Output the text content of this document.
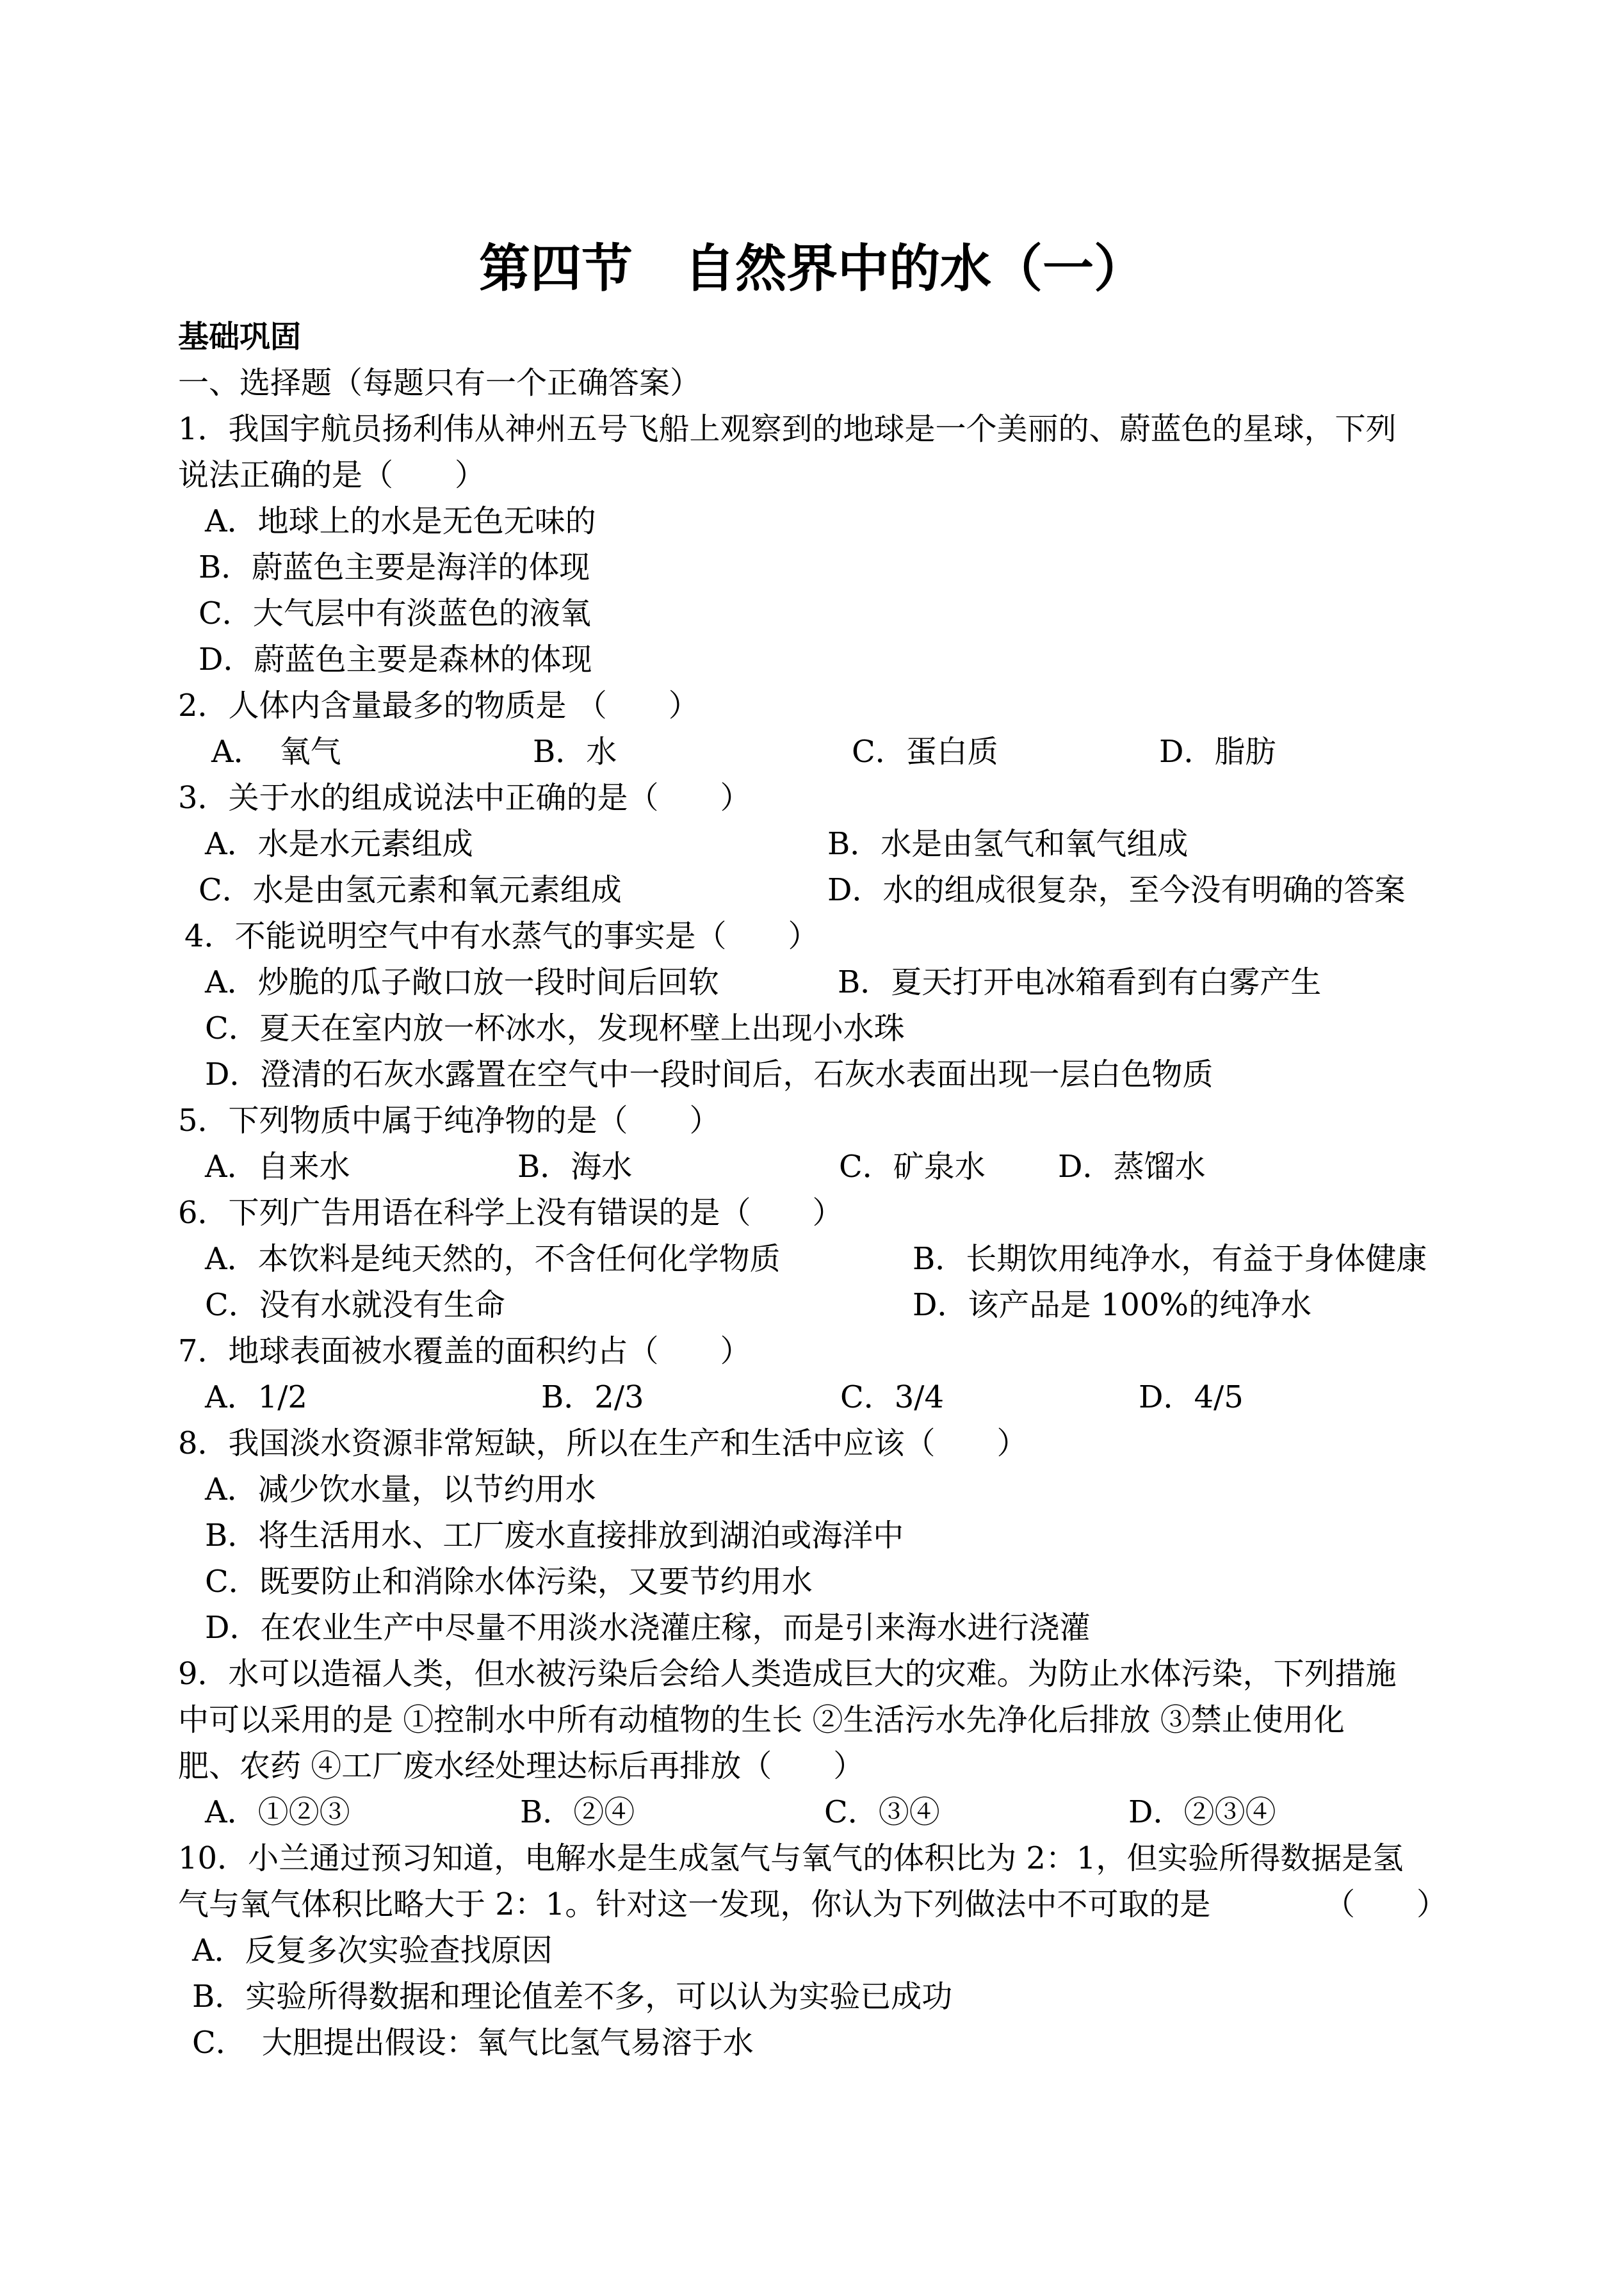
第四节　自然界中的水（一）
基础巩固
一、选择题（每题只有一个正确答案）
1．我国宇航员扬利伟从神州五号飞船上观察到的地球是一个美丽的、蔚蓝色的星球，下列
说法正确的是（　　）
A．地球上的水是无色无味的
B．蔚蓝色主要是海洋的体现
C．大气层中有淡蓝色的液氧
D．蔚蓝色主要是森林的体现
2．人体内含量最多的物质是 （　　）
A．　氧气	B．水	C．蛋白质	D．脂肪
3．关于水的组成说法中正确的是（　　）
A．水是水元素组成	B．水是由氢气和氧气组成
C．水是由氢元素和氧元素组成	D．水的组成很复杂，至今没有明确的答案
4．不能说明空气中有水蒸气的事实是（　　）
A．炒脆的瓜子敞口放一段时间后回软	B．夏天打开电冰箱看到有白雾产生
C．夏天在室内放一杯冰水，发现杯壁上出现小水珠
D．澄清的石灰水露置在空气中一段时间后，石灰水表面出现一层白色物质
5．下列物质中属于纯净物的是（　　）
A．自来水	B．海水	C．矿泉水 D．蒸馏水
6．下列广告用语在科学上没有错误的是（　　）
A．本饮料是纯天然的，不含任何化学物质	B．长期饮用纯净水，有益于身体健康
C．没有水就没有生命	D．该产品是 100%的纯净水
7．地球表面被水覆盖的面积约占（　　）
A．1/2	B．2/3	C．3/4	D．4/5
8．我国淡水资源非常短缺，所以在生产和生活中应该（　　）
A．减少饮水量，以节约用水
B．将生活用水、工厂废水直接排放到湖泊或海洋中
C．既要防止和消除水体污染，又要节约用水
D．在农业生产中尽量不用淡水浇灌庄稼，而是引来海水进行浇灌
9．水可以造福人类，但水被污染后会给人类造成巨大的灾难。为防止水体污染，下列措施
中可以采用的是 ①控制水中所有动植物的生长 ②生活污水先净化后排放 ③禁止使用化
肥、农药 ④工厂废水经处理达标后再排放（　　）
A．①②③	B．②④	C．③④	D．②③④
10．小兰通过预习知道，电解水是生成氢气与氧气的体积比为 2：1，但实验所得数据是氢
气与氧气体积比略大于 2：1。针对这一发现，你认为下列做法中不可取的是	（　　）
A．反复多次实验查找原因
B．实验所得数据和理论值差不多，可以认为实验已成功
C．　大胆提出假设：氧气比氢气易溶于水
